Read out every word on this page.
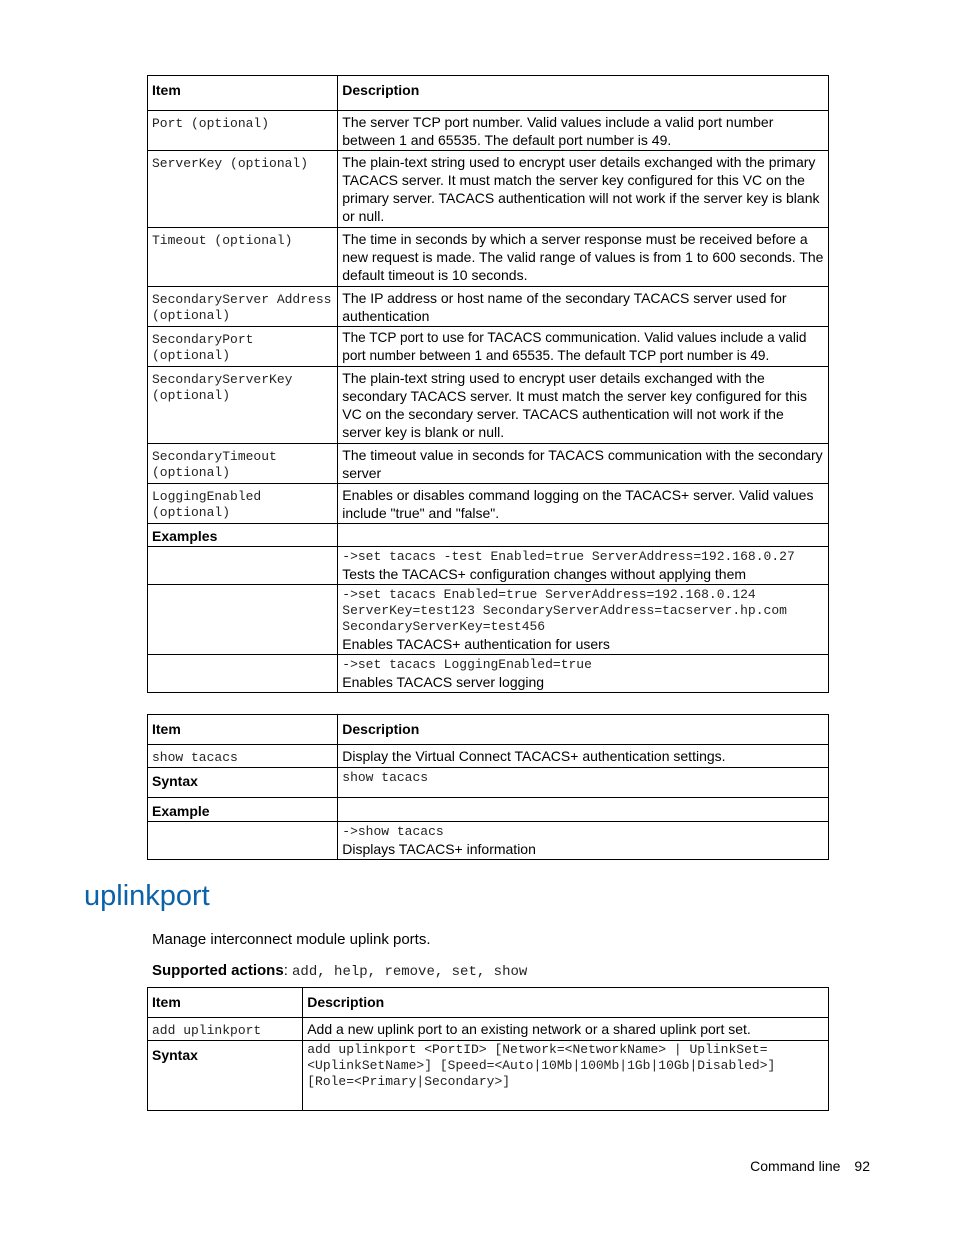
Item	Description
Port (optional)	The server TCP port number. Valid values include a valid port number between 1 and 65535. The default port number is 49.
ServerKey (optional)	The plain-text string used to encrypt user details exchanged with the primary TACACS server. It must match the server key configured for this VC on the primary server. TACACS authentication will not work if the server key is blank or null.
Timeout (optional)	The time in seconds by which a server response must be received before a new request is made. The valid range of values is from 1 to 600 seconds. The default timeout is 10 seconds.
SecondaryServer Address (optional)	The IP address or host name of the secondary TACACS server used for authentication
SecondaryPort (optional)	The TCP port to use for TACACS communication. Valid values include a valid port number between 1 and 65535. The default TCP port number is 49.
SecondaryServerKey (optional)	The plain-text string used to encrypt user details exchanged with the secondary TACACS server. It must match the server key configured for this VC on the secondary server. TACACS authentication will not work if the server key is blank or null.
SecondaryTimeout (optional)	The timeout value in seconds for TACACS communication with the secondary server
LoggingEnabled (optional)	Enables or disables command logging on the TACACS+ server. Valid values include "true" and "false".
Examples	

	->set tacacs -test Enabled=true ServerAddress=192.168.0.27
Tests the TACACS+ configuration changes without applying them

	->set tacacs Enabled=true ServerAddress=192.168.0.124 ServerKey=test123 SecondaryServerAddress=tacserver.hp.com SecondaryServerKey=test456
Enables TACACS+ authentication for users

	->set tacacs LoggingEnabled=true
Enables TACACS server logging
Item	Description
show tacacs	Display the Virtual Connect TACACS+ authentication settings.
Syntax	show tacacs
Example	

	->show tacacs
Displays TACACS+ information
uplinkport
Manage interconnect module uplink ports.
Supported actions: add, help, remove, set, show
Item	Description
add uplinkport	Add a new uplink port to an existing network or a shared uplink port set.
Syntax	add uplinkport <PortID> [Network=<NetworkName> | UplinkSet=<UplinkSetName>] [Speed=<Auto|10Mb|100Mb|1Gb|10Gb|Disabled>] [Role=<Primary|Secondary>]
Command line 92
